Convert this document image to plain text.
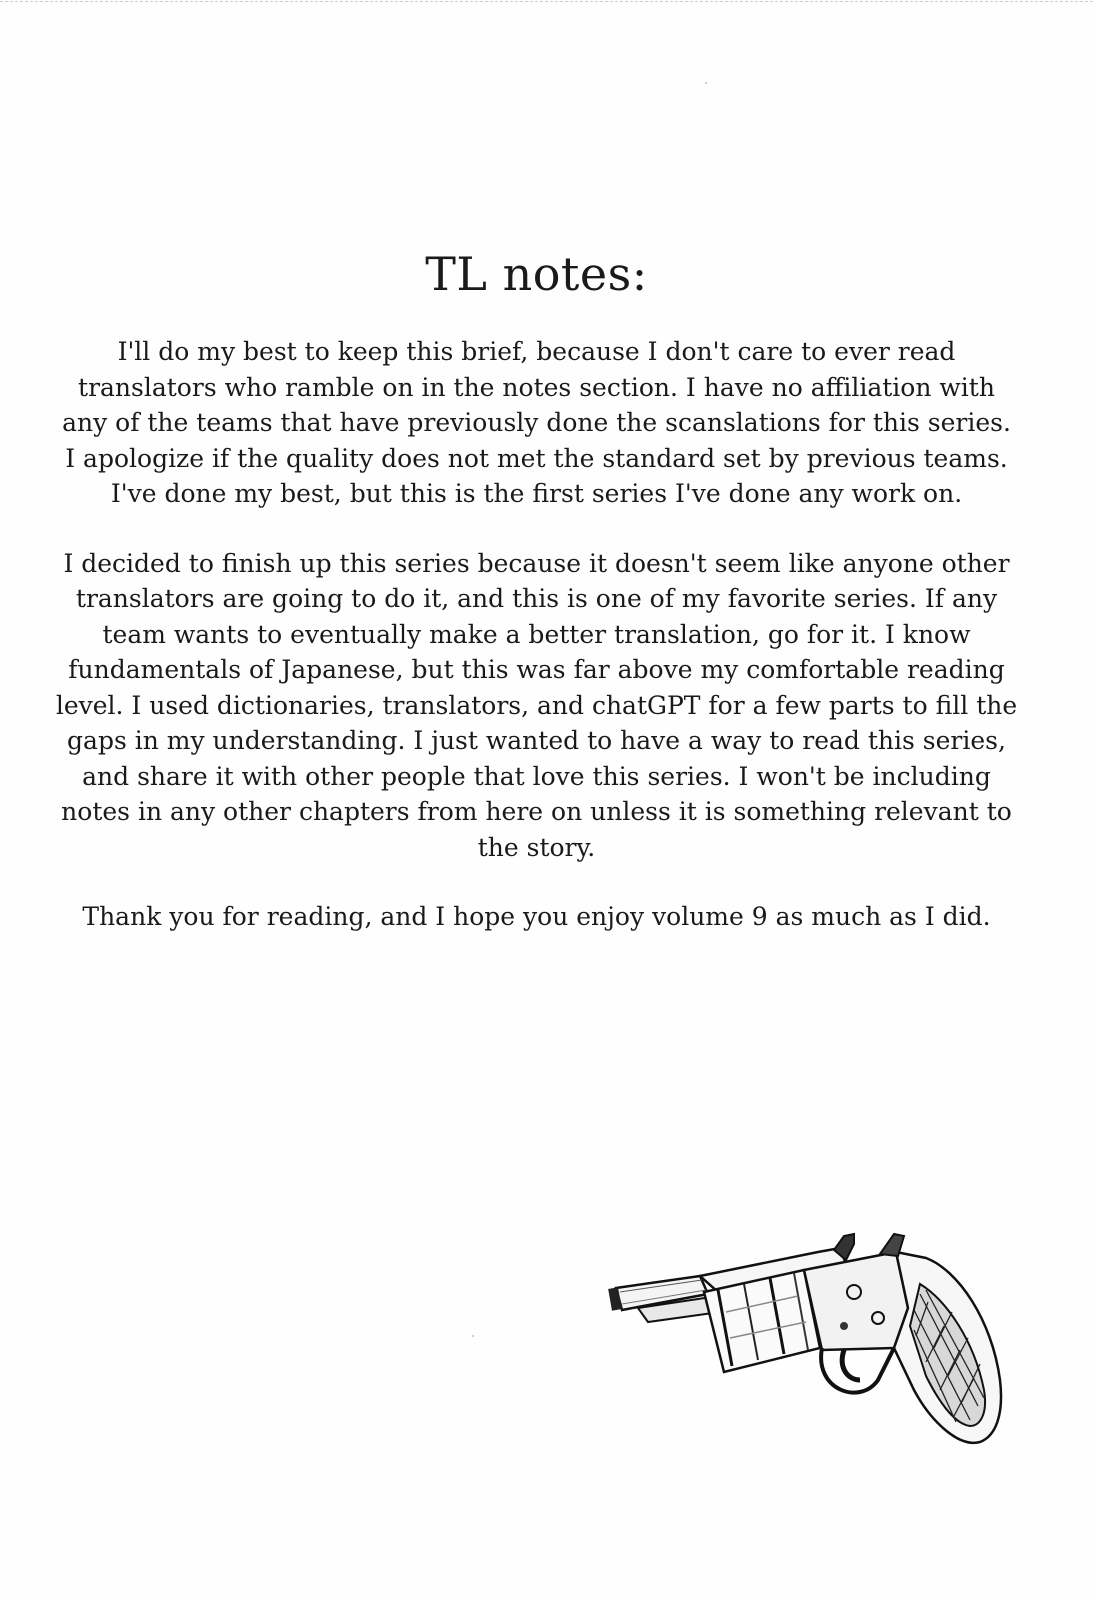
TL notes:

I'll do my best to keep this brief, because I don't care to ever read translators who ramble on in the notes section. I have no affiliation with any of the teams that have previously done the scanslations for this series. I apologize if the quality does not met the standard set by previous teams. I've done my best, but this is the first series I've done any work on.

I decided to finish up this series because it doesn't seem like anyone other translators are going to do it, and this is one of my favorite series. If any team wants to eventually make a better translation, go for it. I know fundamentals of Japanese, but this was far above my comfortable reading level. I used dictionaries, translators, and chatGPT for a few parts to fill the gaps in my understanding. I just wanted to have a way to read this series, and share it with other people that love this series. I won't be including notes in any other chapters from here on unless it is something relevant to the story.

Thank you for reading, and I hope you enjoy volume 9 as much as I did.
